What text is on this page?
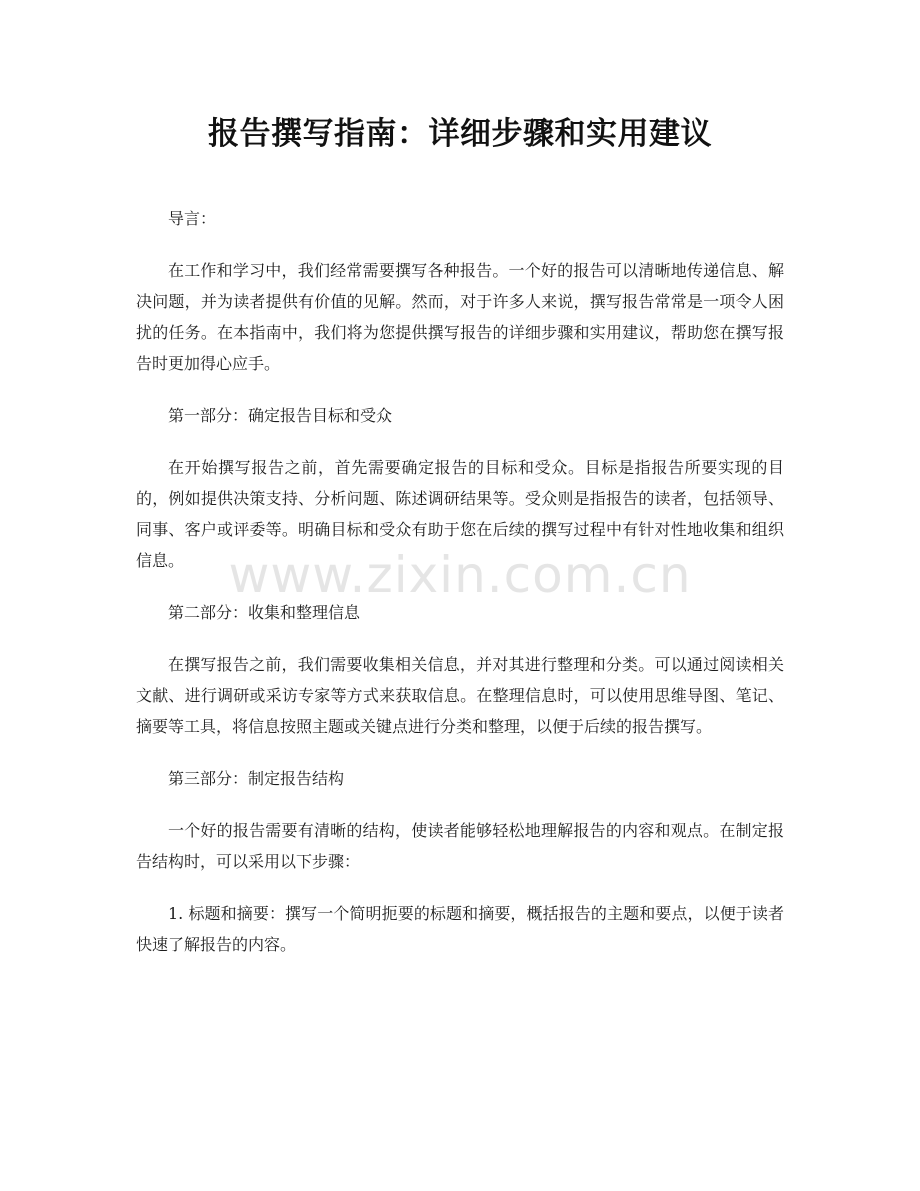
报告撰写指南：详细步骤和实用建议

导言：

在工作和学习中，我们经常需要撰写各种报告。一个好的报告可以清晰地传递信息、解决问题，并为读者提供有价值的见解。然而，对于许多人来说，撰写报告常常是一项令人困扰的任务。在本指南中，我们将为您提供撰写报告的详细步骤和实用建议，帮助您在撰写报告时更加得心应手。

第一部分：确定报告目标和受众

在开始撰写报告之前，首先需要确定报告的目标和受众。目标是指报告所要实现的目的，例如提供决策支持、分析问题、陈述调研结果等。受众则是指报告的读者，包括领导、同事、客户或评委等。明确目标和受众有助于您在后续的撰写过程中有针对性地收集和组织信息。

第二部分：收集和整理信息

在撰写报告之前，我们需要收集相关信息，并对其进行整理和分类。可以通过阅读相关文献、进行调研或采访专家等方式来获取信息。在整理信息时，可以使用思维导图、笔记、摘要等工具，将信息按照主题或关键点进行分类和整理，以便于后续的报告撰写。

第三部分：制定报告结构

一个好的报告需要有清晰的结构，使读者能够轻松地理解报告的内容和观点。在制定报告结构时，可以采用以下步骤：

1. 标题和摘要：撰写一个简明扼要的标题和摘要，概括报告的主题和要点，以便于读者快速了解报告的内容。

www.zixin.com.cn
